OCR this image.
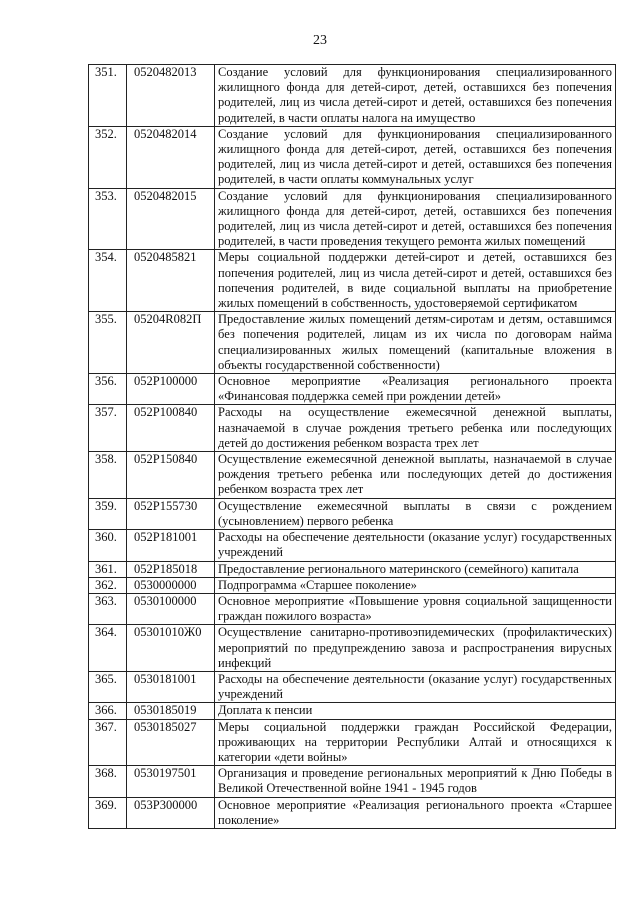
23
351.	0520482013	Создание условий для функционирования специализированного жилищного фонда для детей-сирот, детей, оставшихся без попечения родителей, лиц из числа детей-сирот и детей, оставшихся без попечения родителей, в части оплаты налога на имущество
352.	0520482014	Создание условий для функционирования специализированного жилищного фонда для детей-сирот, детей, оставшихся без попечения родителей, лиц из числа детей-сирот и детей, оставшихся без попечения родителей, в части оплаты коммунальных услуг
353.	0520482015	Создание условий для функционирования специализированного жилищного фонда для детей-сирот, детей, оставшихся без попечения родителей, лиц из числа детей-сирот и детей, оставшихся без попечения родителей, в части проведения текущего ремонта жилых помещений
354.	0520485821	Меры социальной поддержки детей-сирот и детей, оставшихся без попечения родителей, лиц из числа детей-сирот и детей, оставшихся без попечения родителей, в виде социальной выплаты на приобретение жилых помещений в собственность, удостоверяемой сертификатом
355.	05204R082П	Предоставление жилых помещений детям-сиротам и детям, оставшимся без попечения родителей, лицам из их числа по договорам найма специализированных жилых помещений (капитальные вложения в объекты государственной собственности)
356.	052P100000	Основное мероприятие «Реализация регионального проекта «Финансовая поддержка семей при рождении детей»
357.	052P100840	Расходы на осуществление ежемесячной денежной выплаты, назначаемой в случае рождения третьего ребенка или последующих детей до достижения ребенком возраста трех лет
358.	052P150840	Осуществление ежемесячной денежной выплаты, назначаемой в случае рождения третьего ребенка или последующих детей до достижения ребенком возраста трех лет
359.	052P155730	Осуществление ежемесячной выплаты в связи с рождением (усыновлением) первого ребенка
360.	052P181001	Расходы на обеспечение деятельности (оказание услуг) государственных учреждений
361.	052P185018	Предоставление регионального материнского (семейного) капитала
362.	0530000000	Подпрограмма «Старшее поколение»
363.	0530100000	Основное мероприятие «Повышение уровня социальной защищенности граждан пожилого возраста»
364.	05301010Ж0	Осуществление санитарно-противоэпидемических (профилактических) мероприятий по предупреждению завоза и распространения вирусных инфекций
365.	0530181001	Расходы на обеспечение деятельности (оказание услуг) государственных учреждений
366.	0530185019	Доплата к пенсии
367.	0530185027	Меры социальной поддержки граждан Российской Федерации, проживающих на территории Республики Алтай и относящихся к категории «дети войны»
368.	0530197501	Организация и проведение региональных мероприятий к Дню Победы в Великой Отечественной войне 1941 - 1945 годов
369.	053P300000	Основное мероприятие «Реализация регионального проекта «Старшее поколение»
